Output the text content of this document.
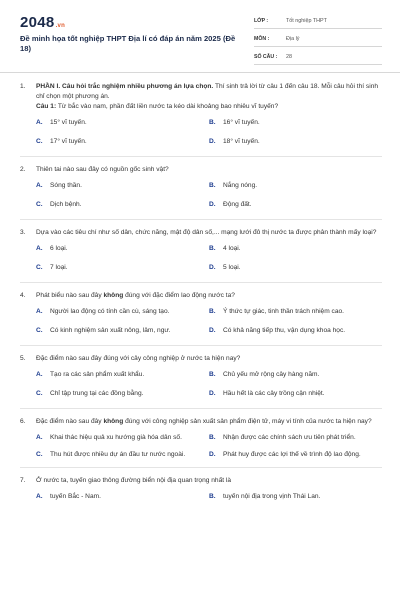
2048.vn
Đề minh họa tốt nghiệp THPT Địa lí có đáp án năm 2025 (Đề 18)
LỚP :	Tốt nghiệp THPT
MÔN :	Địa lý
SỐ CÂU :	28
1.	PHẦN I. Câu hỏi trắc nghiệm nhiều phương án lựa chọn. Thí sinh trả lời từ câu 1 đến câu 18. Mỗi câu hỏi thí sinh chỉ chọn một phương án.
Câu 1: Từ bắc vào nam, phần đất liền nước ta kéo dài khoảng bao nhiêu vĩ tuyến?
A.	15° vĩ tuyến.	B.	16° vĩ tuyến.
C.	17° vĩ tuyến.	D.	18° vĩ tuyến.
2.	Thiên tai nào sau đây có nguồn gốc sinh vật?
A.	Sóng thần.	B.	Nắng nóng.
C.	Dịch bệnh.	D.	Động đất.
3.	Dựa vào các tiêu chí như số dân, chức năng, mật độ dân số,... mạng lưới đô thị nước ta được phân thành mấy loại?
A.	6 loại.	B.	4 loại.
C.	7 loại.	D.	5 loại.
4.	Phát biểu nào sau đây không đúng với đặc điểm lao động nước ta?
A.	Người lao động có tính cần cù, sáng tạo.	B.	Ý thức tự giác, tinh thần trách nhiệm cao.
C.	Có kinh nghiệm sản xuất nông, lâm, ngư.	D.	Có khả năng tiếp thu, vận dụng khoa học.
5.	Đặc điểm nào sau đây đúng với cây công nghiệp ở nước ta hiện nay?
A.	Tạo ra các sản phẩm xuất khẩu.	B.	Chủ yếu mở rộng cây hàng năm.
C.	Chỉ tập trung tại các đồng bằng.	D.	Hầu hết là các cây trồng cận nhiệt.
6.	Đặc điểm nào sau đây không đúng với công nghiệp sản xuất sản phẩm điện tử, máy vi tính của nước ta hiện nay?
A.	Khai thác hiệu quả xu hướng già hóa dân số.	B.	Nhận được các chính sách ưu tiên phát triển.
C.	Thu hút được nhiều dự án đầu tư nước ngoài.	D.	Phát huy được các lợi thế về trình độ lao động.
7.	Ở nước ta, tuyến giao thông đường biển nội địa quan trọng nhất là
A.	tuyến Bắc - Nam.	B.	tuyến nội địa trong vịnh Thái Lan.
